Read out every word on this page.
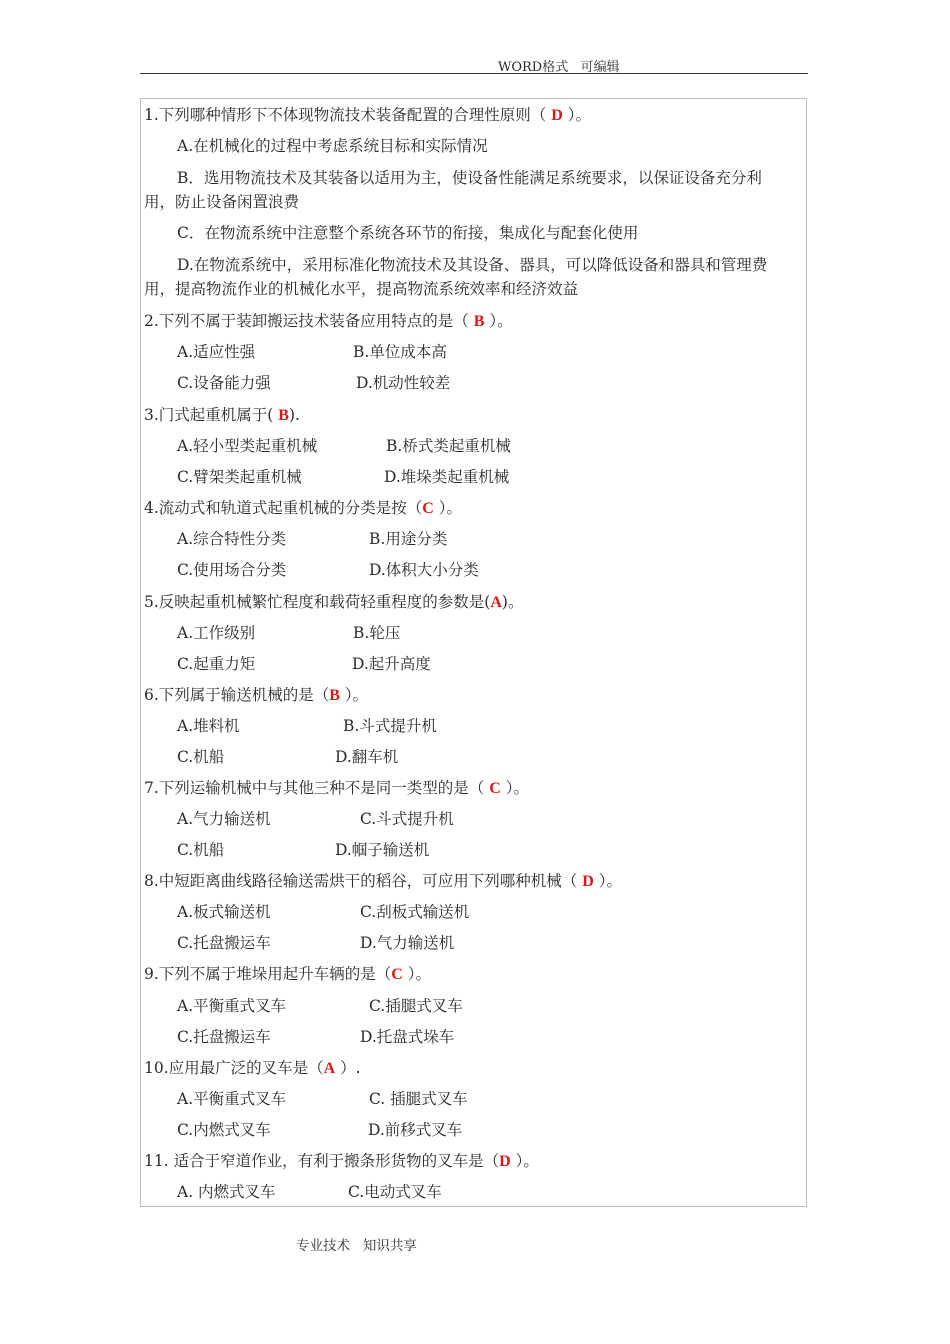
WORD格式   可编辑
1.下列哪种情形下不体现物流技术装备配置的合理性原则（ D ）。
A.在机械化的过程中考虑系统目标和实际情况
B．选用物流技术及其装备以适用为主，使设备性能满足系统要求，以保证设备充分利
用，防止设备闲置浪费
C．在物流系统中注意整个系统各环节的衔接，集成化与配套化使用
D.在物流系统中，采用标准化物流技术及其设备、器具，可以降低设备和器具和管理费
用，提高物流作业的机械化水平，提高物流系统效率和经济效益
2.下列不属于装卸搬运技术装备应用特点的是（ B ）。
A.适应性强	B.单位成本高
C.设备能力强	D.机动性较差
3.门式起重机属于( B).
A.轻小型类起重机械	B.桥式类起重机械
C.臂架类起重机械	D.堆垛类起重机械
4.流动式和轨道式起重机械的分类是按（C ）。
A.综合特性分类	B.用途分类
C.使用场合分类	D.体积大小分类
5.反映起重机械繁忙程度和载荷轻重程度的参数是(A)。
A.工作级别	B.轮压
C.起重力矩	D.起升高度
6.下列属于输送机械的是（B ）。
A.堆料机	B.斗式提升机
C.机船	D.翻车机
7.下列运输机械中与其他三种不是同一类型的是（ C ）。
A.气力输送机	C.斗式提升机
C.机船	D.帼子输送机
8.中短距离曲线路径输送需烘干的稻谷，可应用下列哪种机械（ D ）。
A.板式输送机	C.刮板式输送机
C.托盘搬运车	D.气力输送机
9.下列不属于堆垛用起升车辆的是（C ）。
A.平衡重式叉车	C.插腿式叉车
C.托盘搬运车	D.托盘式垛车
10.应用最广泛的叉车是（A ）.
A.平衡重式叉车	C. 插腿式叉车
C.内燃式叉车	D.前移式叉车
11. 适合于窄道作业，有利于搬条形货物的叉车是（D ）。
A. 内燃式叉车	C.电动式叉车
专业技术   知识共享
